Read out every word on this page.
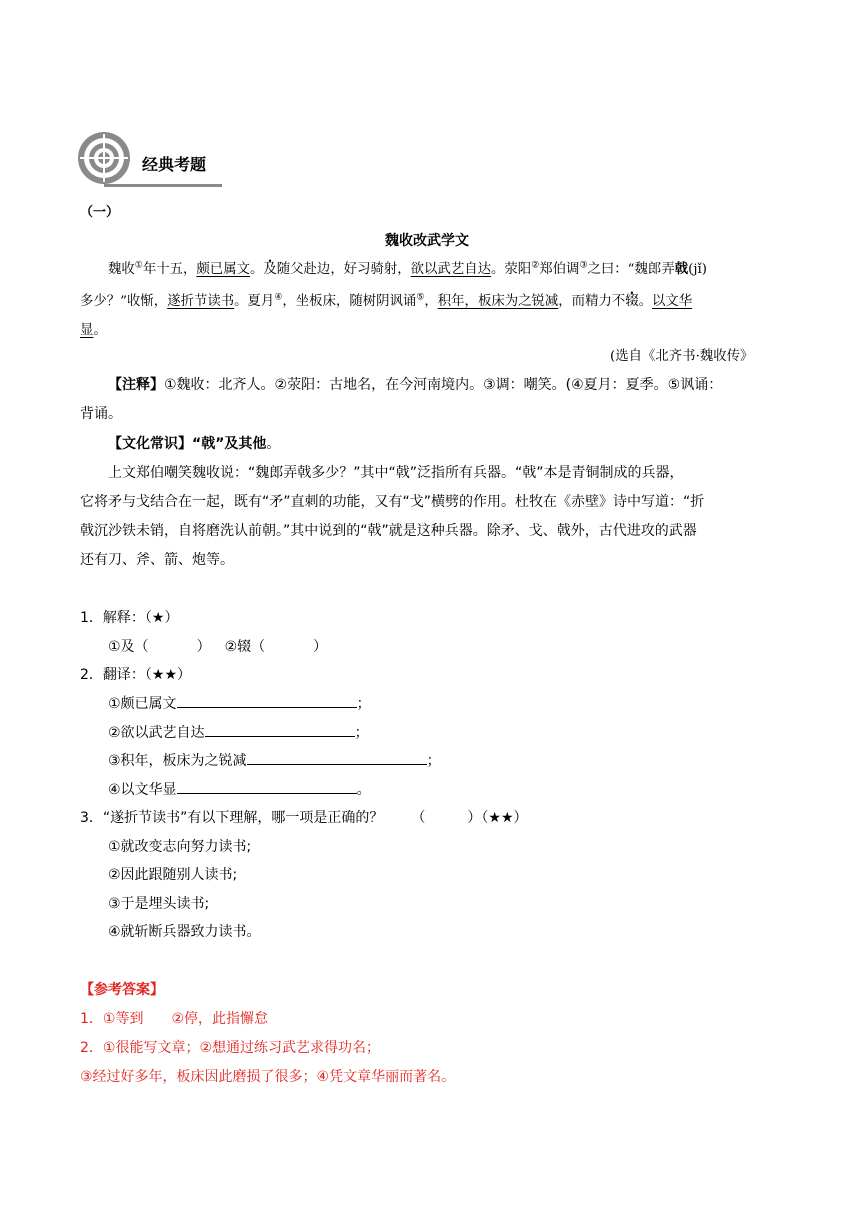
经典考题
（一）
魏收改武学文
魏收①年十五，颇已属文。及随父赴边，好习骑射，欲以武艺自达。荥阳②郑伯调③之曰：“魏郎弄戟(jǐ)
多少？”收惭，遂折节读书。夏月④，坐板床，随树阴讽诵⑤，积年，板床为之锐减，而精力不辍 .。以文华
显。
(选自《北齐书·魏收传》
【注释】①魏收：北齐人。②荥阳：古地名，在今河南境内。③调：嘲笑。(④夏月：夏季。⑤讽诵：
背诵。
【文化常识】“戟”及其他。
上文郑伯嘲笑魏收说：“魏郎弄戟多少？”其中“戟”泛指所有兵器。“戟”本是青铜制成的兵器，
它将矛与戈结合在一起，既有“矛”直刺的功能，又有“戈”横劈的作用。杜牧在《赤壁》诗中写道：“折
戟沉沙铁未销，自将磨洗认前朝。”其中说到的“戟”就是这种兵器。除矛、戈、戟外，古代进攻的武器
还有刀、斧、箭、炮等。
1．解释：（★）
①及（	） ②辍（	）
2．翻译：（★★）
①颇已属文	；
②欲以武艺自达	；
③积年，板床为之锐减	；
④以文华显	。
3．“遂折节读书”有以下理解，哪一项是正确的？ （　　　）（★★）
①就改变志向努力读书;
②因此跟随别人读书;
③于是埋头读书;
④就斩断兵器致力读书。
【参考答案】
1．①等到　　②停，此指懈怠
2．①很能写文章；②想通过练习武艺求得功名；
③经过好多年，板床因此磨损了很多；④凭文章华丽而著名。
